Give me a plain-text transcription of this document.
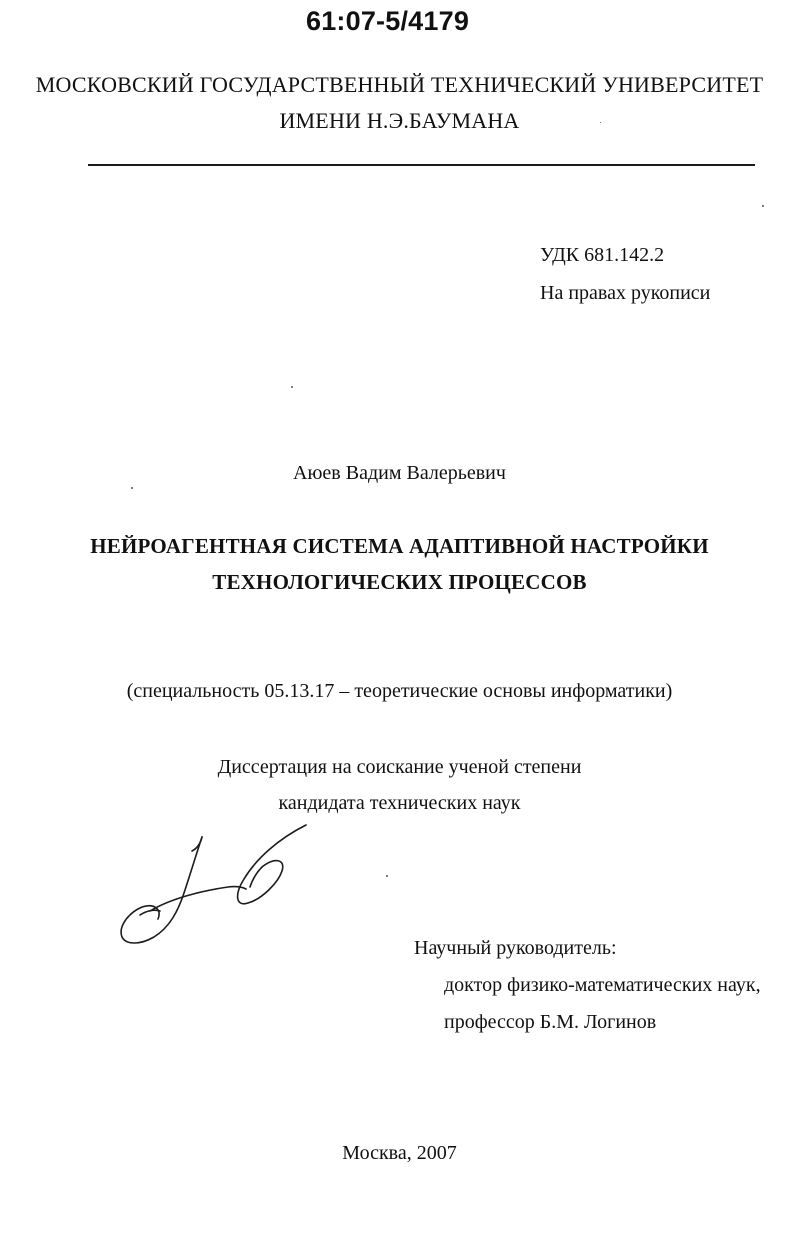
61:07-5/4179
МОСКОВСКИЙ ГОСУДАРСТВЕННЫЙ ТЕХНИЧЕСКИЙ УНИВЕРСИТЕТ
ИМЕНИ Н.Э.БАУМАНА
УДК 681.142.2
На правах рукописи
Аюев Вадим Валерьевич
НЕЙРОАГЕНТНАЯ СИСТЕМА АДАПТИВНОЙ НАСТРОЙКИ
ТЕХНОЛОГИЧЕСКИХ ПРОЦЕССОВ
(специальность 05.13.17 – теоретические основы информатики)
Диссертация на соискание ученой степени
кандидата технических наук
Научный руководитель:
доктор физико-математических наук,
профессор Б.М. Логинов
Москва, 2007
